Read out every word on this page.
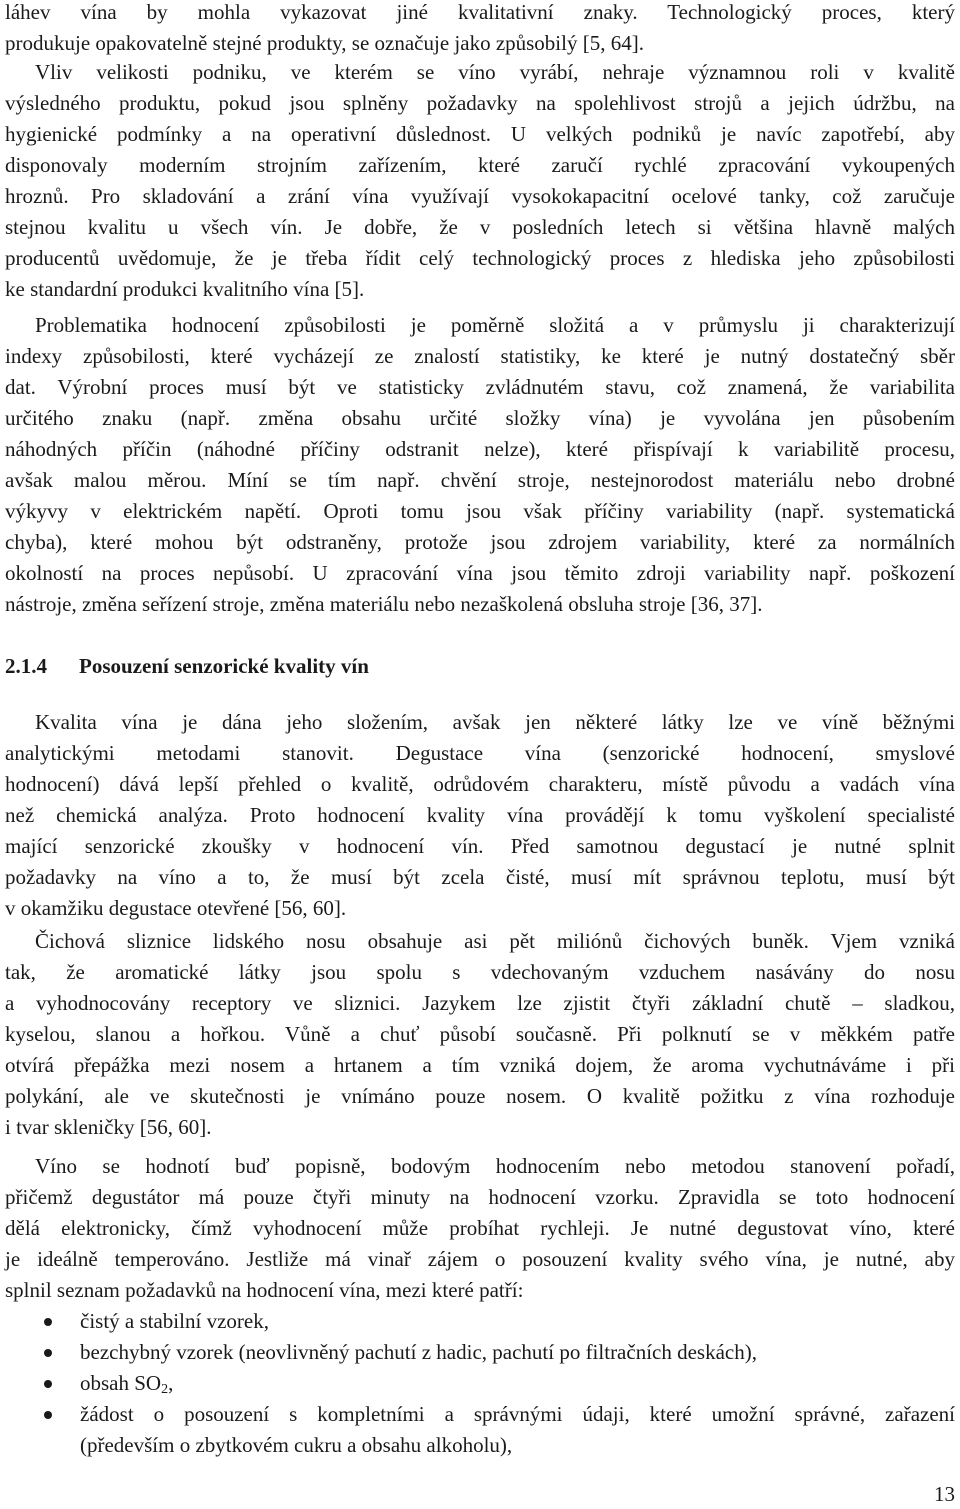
láhev vína by mohla vykazovat jiné kvalitativní znaky. Technologický proces, který
produkuje opakovatelně stejné produkty, se označuje jako způsobilý [5, 64].
Vliv velikosti podniku, ve kterém se víno vyrábí, nehraje významnou roli v kvalitě
výsledného produktu, pokud jsou splněny požadavky na spolehlivost strojů a jejich údržbu, na
hygienické podmínky a na operativní důslednost. U velkých podniků je navíc zapotřebí, aby
disponovaly moderním strojním zařízením, které zaručí rychlé zpracování vykoupených
hroznů. Pro skladování a zrání vína využívají vysokokapacitní ocelové tanky, což zaručuje
stejnou kvalitu u všech vín. Je dobře, že v posledních letech si většina hlavně malých
producentů uvědomuje, že je třeba řídit celý technologický proces z hlediska jeho způsobilosti
ke standardní produkci kvalitního vína [5].
Problematika hodnocení způsobilosti je poměrně složitá a v průmyslu ji charakterizují
indexy způsobilosti, které vycházejí ze znalostí statistiky, ke které je nutný dostatečný sběr
dat. Výrobní proces musí být ve statisticky zvládnutém stavu, což znamená, že variabilita
určitého znaku (např. změna obsahu určité složky vína) je vyvolána jen působením
náhodných příčin (náhodné příčiny odstranit nelze), které přispívají k variabilitě procesu,
avšak malou měrou. Míní se tím např. chvění stroje, nestejnorodost materiálu nebo drobné
výkyvy v elektrickém napětí. Oproti tomu jsou však příčiny variability (např. systematická
chyba), které mohou být odstraněny, protože jsou zdrojem variability, které za normálních
okolností na proces nepůsobí. U zpracování vína jsou těmito zdroji variability např. poškození
nástroje, změna seřízení stroje, změna materiálu nebo nezaškolená obsluha stroje [36, 37].
2.1.4 Posouzení senzorické kvality vín
Kvalita vína je dána jeho složením, avšak jen některé látky lze ve víně běžnými
analytickými metodami stanovit. Degustace vína (senzorické hodnocení, smyslové
hodnocení) dává lepší přehled o kvalitě, odrůdovém charakteru, místě původu a vadách vína
než chemická analýza. Proto hodnocení kvality vína provádějí k tomu vyškolení specialisté
mající senzorické zkoušky v hodnocení vín. Před samotnou degustací je nutné splnit
požadavky na víno a to, že musí být zcela čisté, musí mít správnou teplotu, musí být
v okamžiku degustace otevřené [56, 60].
Čichová sliznice lidského nosu obsahuje asi pět miliónů čichových buněk. Vjem vzniká
tak, že aromatické látky jsou spolu s vdechovaným vzduchem nasávány do nosu
a vyhodnocovány receptory ve sliznici. Jazykem lze zjistit čtyři základní chutě – sladkou,
kyselou, slanou a hořkou. Vůně a chuť působí současně. Při polknutí se v měkkém patře
otvírá přepážka mezi nosem a hrtanem a tím vzniká dojem, že aroma vychutnáváme i při
polykání, ale ve skutečnosti je vnímáno pouze nosem. O kvalitě požitku z vína rozhoduje
i tvar skleničky [56, 60].
Víno se hodnotí buď popisně, bodovým hodnocením nebo metodou stanovení pořadí,
přičemž degustátor má pouze čtyři minuty na hodnocení vzorku. Zpravidla se toto hodnocení
dělá elektronicky, čímž vyhodnocení může probíhat rychleji. Je nutné degustovat víno, které
je ideálně temperováno. Jestliže má vinař zájem o posouzení kvality svého vína, je nutné, aby
splnil seznam požadavků na hodnocení vína, mezi které patří:
čistý a stabilní vzorek,
bezchybný vzorek (neovlivněný pachutí z hadic, pachutí po filtračních deskách),
obsah $SO_2$,
žádost o posouzení s kompletními a správnými údaji, které umožní správné, zařazení
(především o zbytkovém cukru a obsahu alkoholu),
13
